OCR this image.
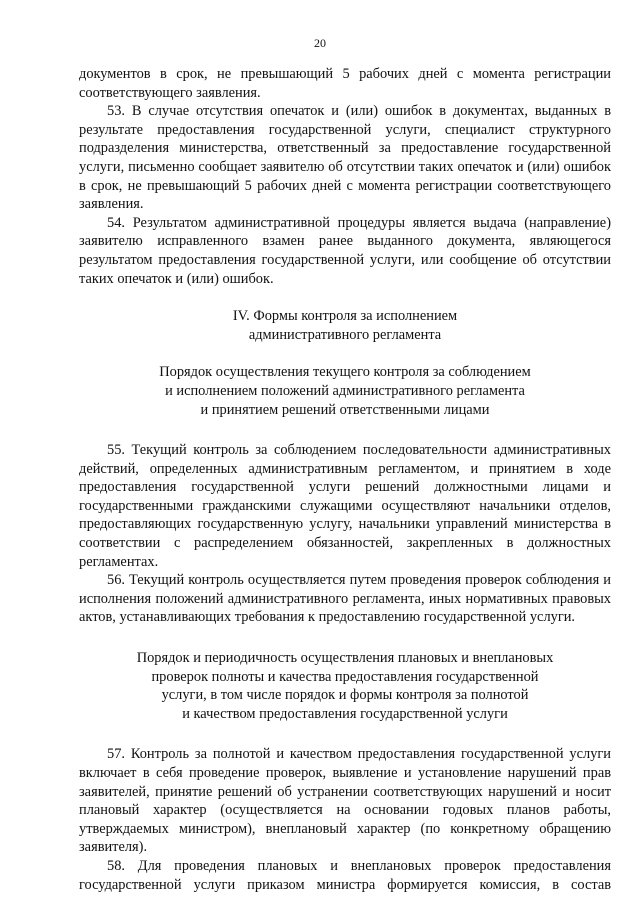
20

документов в срок, не превышающий 5 рабочих дней с момента регистрации соответствующего заявления.

53. В случае отсутствия опечаток и (или) ошибок в документах, выданных в результате предоставления государственной услуги, специалист структурного подразделения министерства, ответственный за предоставление государственной услуги, письменно сообщает заявителю об отсутствии таких опечаток и (или) ошибок в срок, не превышающий 5 рабочих дней с момента регистрации соответствующего заявления.

54. Результатом административной процедуры является выдача (направление) заявителю исправленного взамен ранее выданного документа, являющегося результатом предоставления государственной услуги, или сообщение об отсутствии таких опечаток и (или) ошибок.

IV. Формы контроля за исполнением
административного регламента
Порядок осуществления текущего контроля за соблюдением
и исполнением положений административного регламента
и принятием решений ответственными лицами

55. Текущий контроль за соблюдением последовательности административных действий, определенных административным регламентом, и принятием в ходе предоставления государственной услуги решений должностными лицами и государственными гражданскими служащими осуществляют начальники отделов, предоставляющих государственную услугу, начальники управлений министерства в соответствии с распределением обязанностей, закрепленных в должностных регламентах.

56. Текущий контроль осуществляется путем проведения проверок соблюдения и исполнения положений административного регламента, иных нормативных правовых актов, устанавливающих требования к предоставлению государственной услуги.

Порядок и периодичность осуществления плановых и внеплановых
проверок полноты и качества предоставления государственной
услуги, в том числе порядок и формы контроля за полнотой
и качеством предоставления государственной услуги

57. Контроль за полнотой и качеством предоставления государственной услуги включает в себя проведение проверок, выявление и установление нарушений прав заявителей, принятие решений об устранении соответствующих нарушений и носит плановый характер (осуществляется на основании годовых планов работы, утверждаемых министром), внеплановый характер (по конкретному обращению заявителя).

58. Для проведения плановых и внеплановых проверок предоставления государственной услуги приказом министра формируется комиссия, в состав
